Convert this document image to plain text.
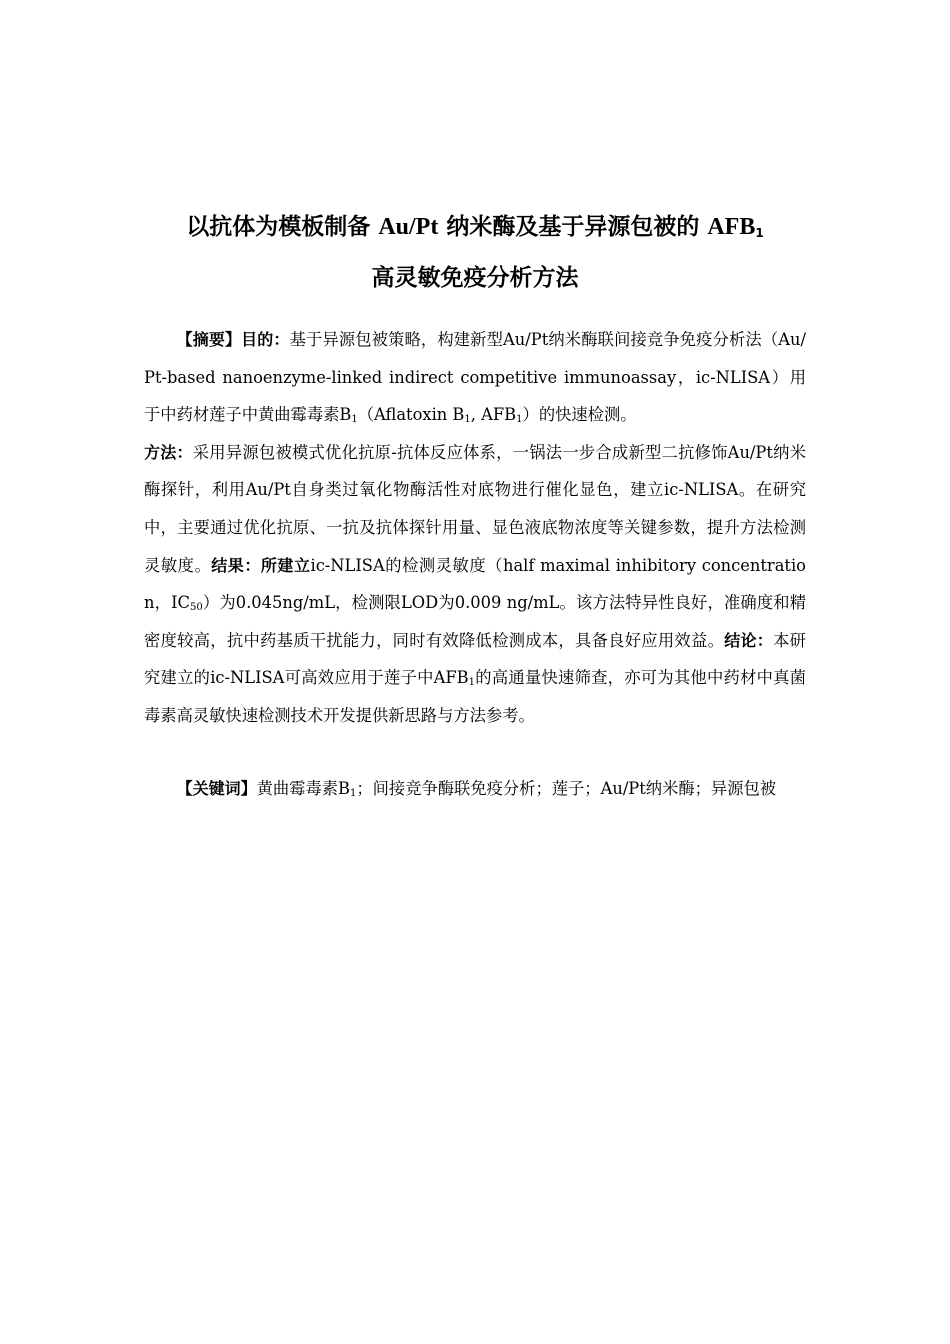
以抗体为模板制备 Au/Pt 纳米酶及基于异源包被的 $AFB_1$
高灵敏免疫分析方法

【摘要】目的：基于异源包被策略，构建新型Au/Pt纳米酶联间接竞争免疫分析法（Au/Pt-based nanoenzyme-linked indirect competitive immunoassay，ic-NLISA）用于中药材莲子中黄曲霉毒素$B_1(Aflatoxin$ $B_1$, $AFB_1$）的快速检测。
方法：采用异源包被模式优化抗原-抗体反应体系，一锅法一步合成新型二抗修饰Au/Pt纳米酶探针，利用Au/Pt自身类过氧化物酶活性对底物进行催化显色，建立ic-NLISA。在研究中，主要通过优化抗原、一抗及抗体探针用量、显色液底物浓度等关键参数，提升方法检测灵敏度。结果：所建立ic-NLISA的检测灵敏度（half maximal inhibitory concentration，$IC_{50}$）为0.045ng/mL，检测限LOD为0.009 ng/mL。该方法特异性良好，准确度和精密度较高，抗中药基质干扰能力，同时有效降低检测成本，具备良好应用效益。结论：本研究建立的ic-NLISA可高效应用于莲子中$AFB_1$的高通量快速筛查，亦可为其他中药材中真菌毒素高灵敏快速检测技术开发提供新思路与方法参考。

【关键词】黄曲霉毒素$B_1$；间接竞争酶联免疫分析；莲子；Au/Pt纳米酶；异源包被
